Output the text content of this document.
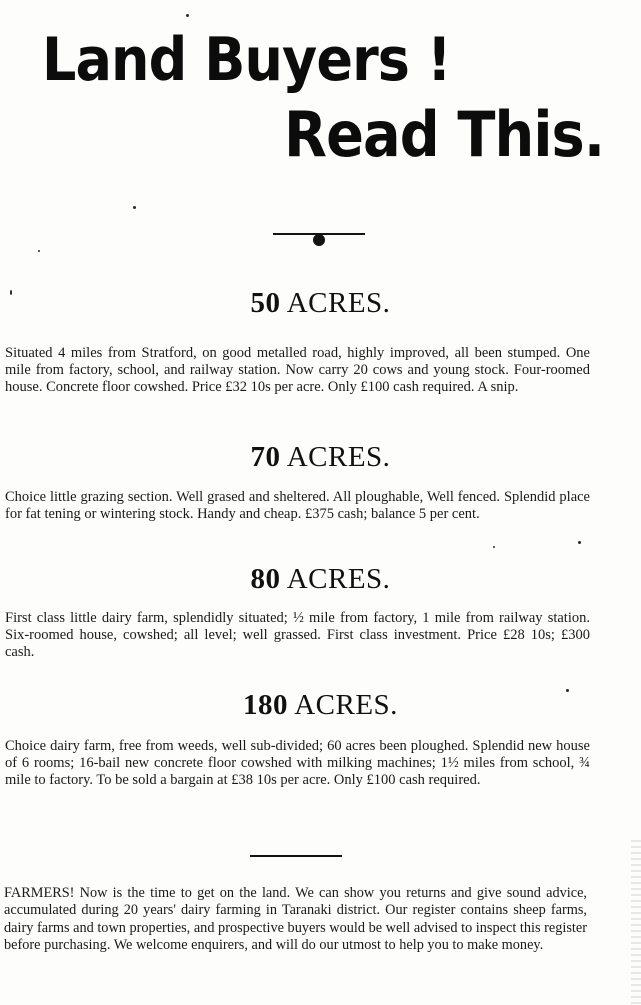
Land Buyers !
Read This.
50 ACRES.
Situated 4 miles from Stratford, on good metalled road, highly improved, all been stumped. One mile from factory, school, and railway station. Now carry 20 cows and young stock. Four-roomed house. Concrete floor cowshed. Price £32 10s per acre. Only £100 cash required. A snip.
70 ACRES.
Choice little grazing section. Well grased and sheltered. All ploughable, Well fenced. Splendid place for fat tening or wintering stock. Handy and cheap. £375 cash; balance 5 per cent.
80 ACRES.
First class little dairy farm, splendidly situated; ½ mile from factory, 1 mile from railway station. Six-roomed house, cowshed; all level; well grassed. First class investment. Price £28 10s; £300 cash.
180 ACRES.
Choice dairy farm, free from weeds, well sub-divided; 60 acres been ploughed. Splendid new house of 6 rooms; 16-bail new concrete floor cowshed with milking machines; 1½ miles from school, ¾ mile to factory. To be sold a bargain at £38 10s per acre. Only £100 cash required.
FARMERS! Now is the time to get on the land. We can show you returns and give sound advice, accumulated during 20 years' dairy farming in Taranaki district. Our register contains sheep farms, dairy farms and town properties, and prospective buyers would be well advised to inspect this register before purchasing. We welcome enquirers, and will do our utmost to help you to make money.
